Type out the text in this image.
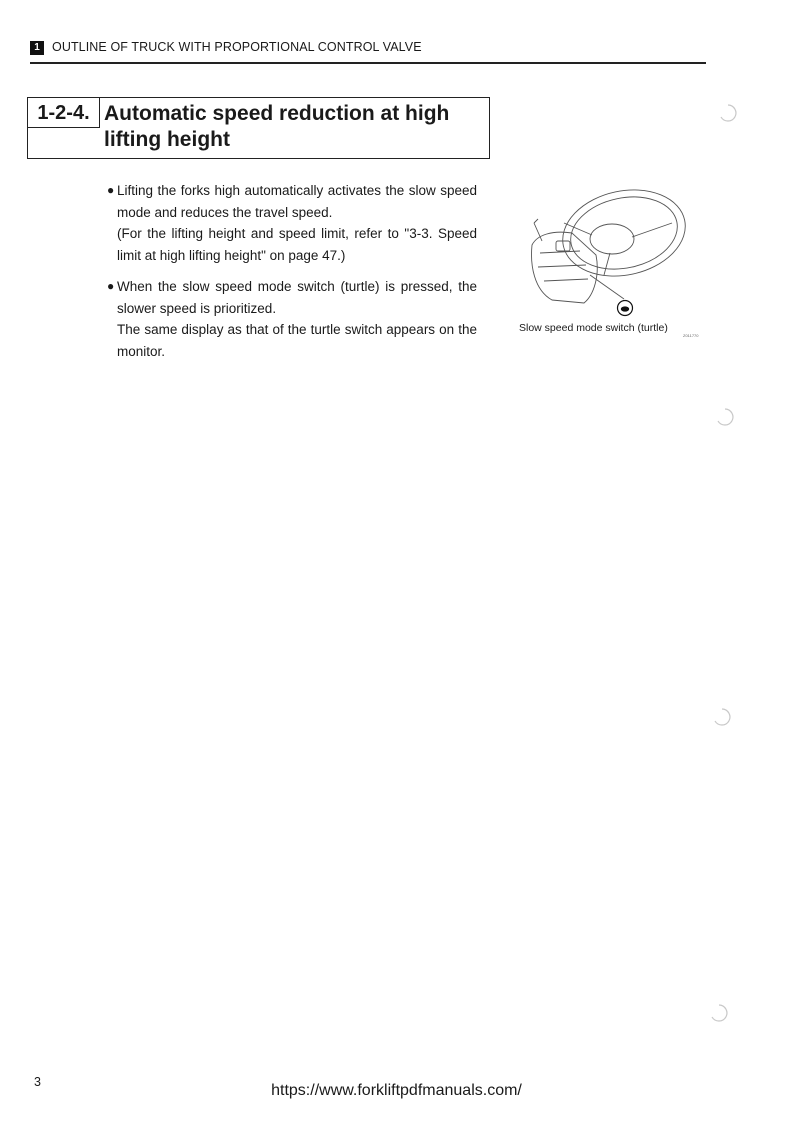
1 OUTLINE OF TRUCK WITH PROPORTIONAL CONTROL VALVE
1-2-4. Automatic speed reduction at high lifting height
● Lifting the forks high automatically activates the slow speed mode and reduces the travel speed.
(For the lifting height and speed limit, refer to "3-3. Speed limit at high lifting height" on page 47.)
● When the slow speed mode switch (turtle) is pressed, the slower speed is prioritized.
The same display as that of the turtle switch appears on the monitor.
Slow speed mode switch (turtle)
Z011770
3	https://www.forkliftpdfmanuals.com/
